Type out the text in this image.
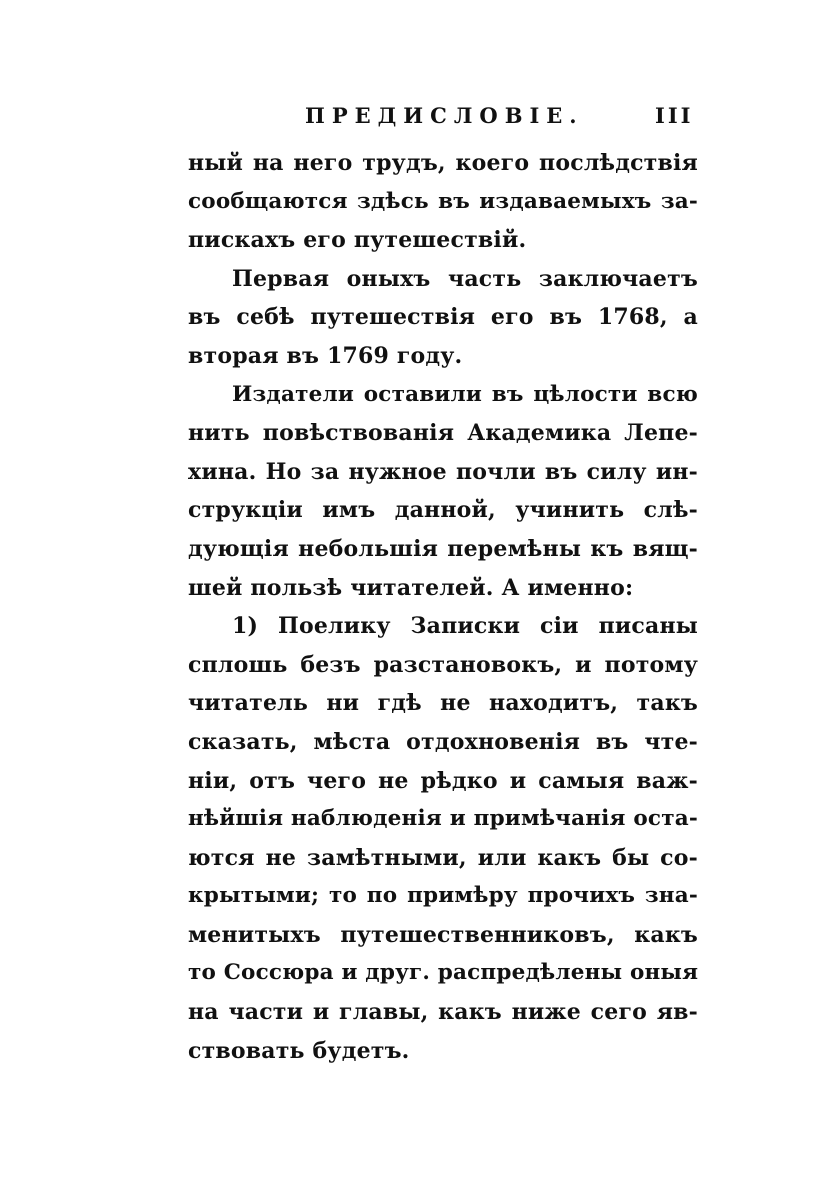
ПРЕДИСЛОВІЕ.	III
ный на него трудъ, коего послѣдствія
сообщаются здѣсь въ издаваемыхъ за-
пискахъ его путешествій.
Первая оныхъ часть заключаетъ
въ себѣ путешествія его въ 1768, а
вторая въ 1769 году.
Издатели оставили въ цѣлости всю
нить повѣствованія Академика Лепе-
хина. Но за нужное почли въ силу ин-
струкціи имъ данной, учинить слѣ-
дующія небольшія перемѣны къ вящ-
шей пользѣ читателей. А именно:
1) Поелику Записки сіи писаны
сплошь безъ разстановокъ, и потому
читатель ни гдѣ не находитъ, такъ
сказать, мѣста отдохновенія въ чте-
ніи, отъ чего не рѣдко и самыя важ-
нѣйшія наблюденія и примѣчанія оста-
ются не замѣтными, или какъ бы со-
крытыми; то по примѣру прочихъ зна-
менитыхъ путешественниковъ, какъ
то Соссюра и друг. распредѣлены оныя
на части и главы, какъ ниже сего яв-
ствовать будетъ.
